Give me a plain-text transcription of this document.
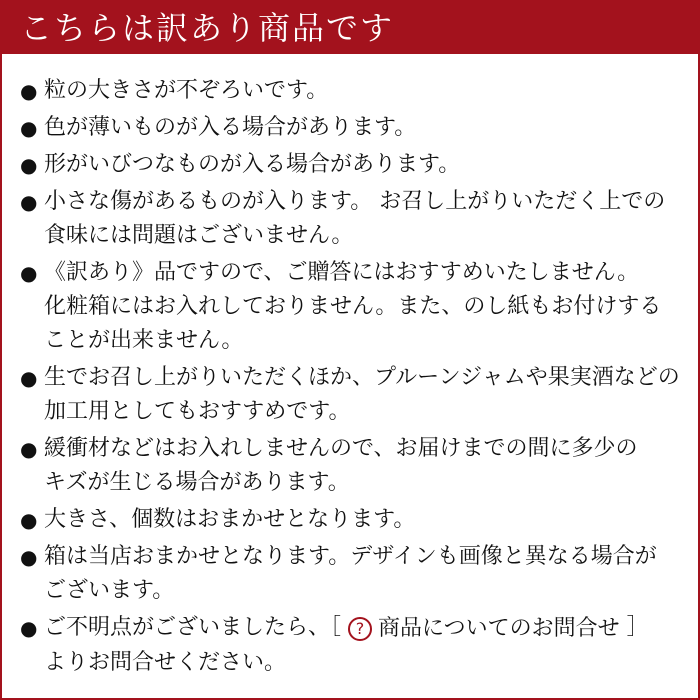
こちらは訳あり商品です
● 粒の大きさが不ぞろいです。
● 色が薄いものが入る場合があります。
● 形がいびつなものが入る場合があります。
● 小さな傷があるものが入ります。 お召し上がりいただく上での
食味には問題はございません。
● 《訳あり》品ですので、ご贈答にはおすすめいたしません。
化粧箱にはお入れしておりません。また、のし紙もお付けする
ことが出来ません。
● 生でお召し上がりいただくほか、プルーンジャムや果実酒などの
加工用としてもおすすめです。
● 緩衝材などはお入れしませんので、お届けまでの間に多少の
キズが生じる場合があります。
● 大きさ、個数はおまかせとなります。
● 箱は当店おまかせとなります。デザインも画像と異なる場合が
ございます。
● ご不明点がございましたら、［ ? 商品についてのお問合せ ］
よりお問合せください。
